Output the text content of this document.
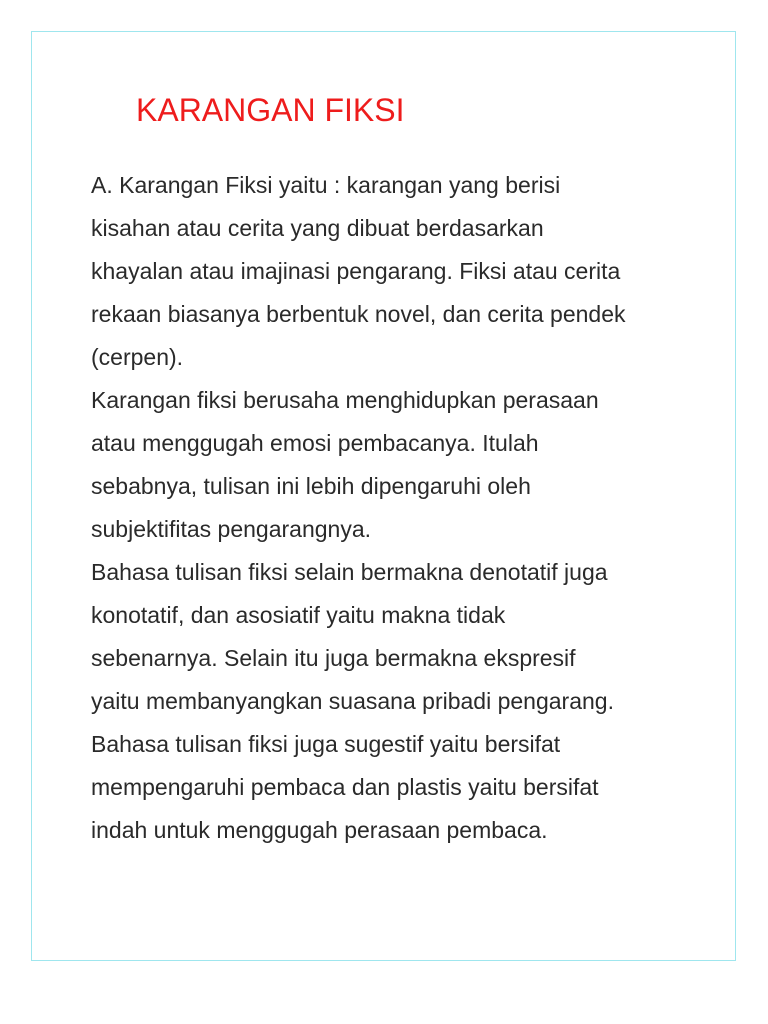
KARANGAN FIKSI
A. Karangan Fiksi yaitu : karangan yang berisi
kisahan atau cerita yang dibuat berdasarkan
khayalan atau imajinasi pengarang. Fiksi atau cerita
rekaan biasanya berbentuk novel, dan cerita pendek
(cerpen).
Karangan fiksi berusaha menghidupkan perasaan
atau menggugah emosi pembacanya. Itulah
sebabnya, tulisan ini lebih dipengaruhi oleh
subjektifitas pengarangnya.
Bahasa tulisan fiksi selain bermakna denotatif juga
konotatif, dan asosiatif yaitu makna tidak
sebenarnya. Selain itu juga bermakna ekspresif
yaitu membanyangkan suasana pribadi pengarang.
Bahasa tulisan fiksi juga sugestif yaitu bersifat
mempengaruhi pembaca dan plastis yaitu bersifat
indah untuk menggugah perasaan pembaca.
